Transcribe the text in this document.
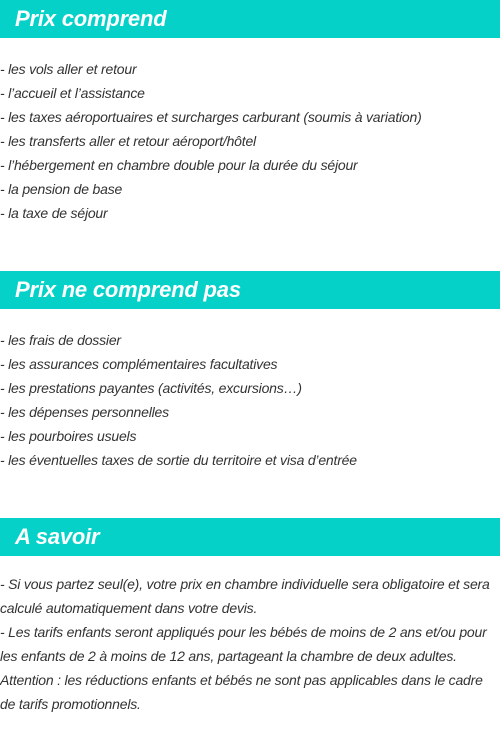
Prix comprend
- les vols aller et retour
- l’accueil et l’assistance
- les taxes aéroportuaires et surcharges carburant (soumis à variation)
- les transferts aller et retour aéroport/hôtel
- l’hébergement en chambre double pour la durée du séjour
- la pension de base
- la taxe de séjour
Prix ne comprend pas
- les frais de dossier
- les assurances complémentaires facultatives
- les prestations payantes (activités, excursions…)
- les dépenses personnelles
- les pourboires usuels
- les éventuelles taxes de sortie du territoire et visa d’entrée
A savoir

- Si vous partez seul(e), votre prix en chambre individuelle sera obligatoire et sera calculé automatiquement dans votre devis.

- Les tarifs enfants seront appliqués pour les bébés de moins de 2 ans et/ou pour les enfants de 2 à moins de 12 ans, partageant la chambre de deux adultes. Attention : les réductions enfants et bébés ne sont pas applicables dans le cadre de tarifs promotionnels.
